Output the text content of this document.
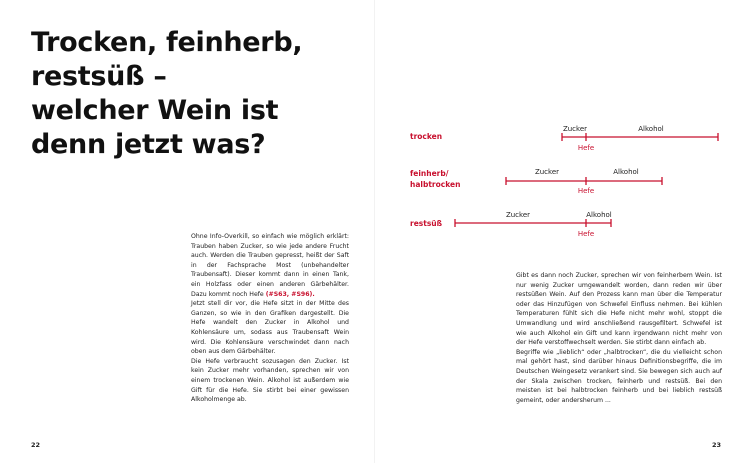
Trocken, feinherb,
restsüß –
welcher Wein ist
denn jetzt was?

Ohne Info-Overkill, so einfach wie möglich erklärt: Trauben haben Zucker, so wie jede andere Frucht auch. Werden die Trauben gepresst, heißt der Saft in der Fachsprache Most (unbehandelter Traubensaft). Dieser kommt dann in einen Tank, ein Holzfass oder einen anderen Gärbehälter. Dazu kommt noch Hefe (#S63, #S96).

Jetzt stell dir vor, die Hefe sitzt in der Mitte des Ganzen, so wie in den Grafiken dargestellt. Die Hefe wandelt den Zucker in Alkohol und Kohlensäure um, sodass aus Traubensaft Wein wird. Die Kohlensäure verschwindet dann nach oben aus dem Gärbehälter.

Die Hefe verbraucht sozusagen den Zucker. Ist kein Zucker mehr vorhanden, sprechen wir von einem trockenen Wein. Alkohol ist außerdem wie Gift für die Hefe. Sie stirbt bei einer gewissen Alkoholmenge ab.

Gibt es dann noch Zucker, sprechen wir von feinherbem Wein. Ist nur wenig Zucker umgewandelt worden, dann reden wir über restsüßen Wein. Auf den Prozess kann man über die Temperatur oder das Hinzufügen von Schwefel Einfluss nehmen. Bei kühlen Temperaturen fühlt sich die Hefe nicht mehr wohl, stoppt die Umwandlung und wird anschließend rausgefiltert. Schwefel ist wie auch Alkohol ein Gift und kann irgendwann nicht mehr von der Hefe verstoffwechselt werden. Sie stirbt dann einfach ab.

Begriffe wie „lieblich“ oder „halbtrocken“, die du vielleicht schon mal gehört hast, sind darüber hinaus Definitionsbegriffe, die im Deutschen Weingesetz verankert sind. Sie bewegen sich auch auf der Skala zwischen trocken, feinherb und restsüß. Bei den meisten ist bei halbtrocken feinherb und bei lieblich restsüß gemeint, oder andersherum ...

22	23
trocken
Zucker	Alkohol
Hefe
feinherb/
halbtrocken
Zucker	Alkohol
Hefe
restsüß
Zucker	Alkohol
Hefe
